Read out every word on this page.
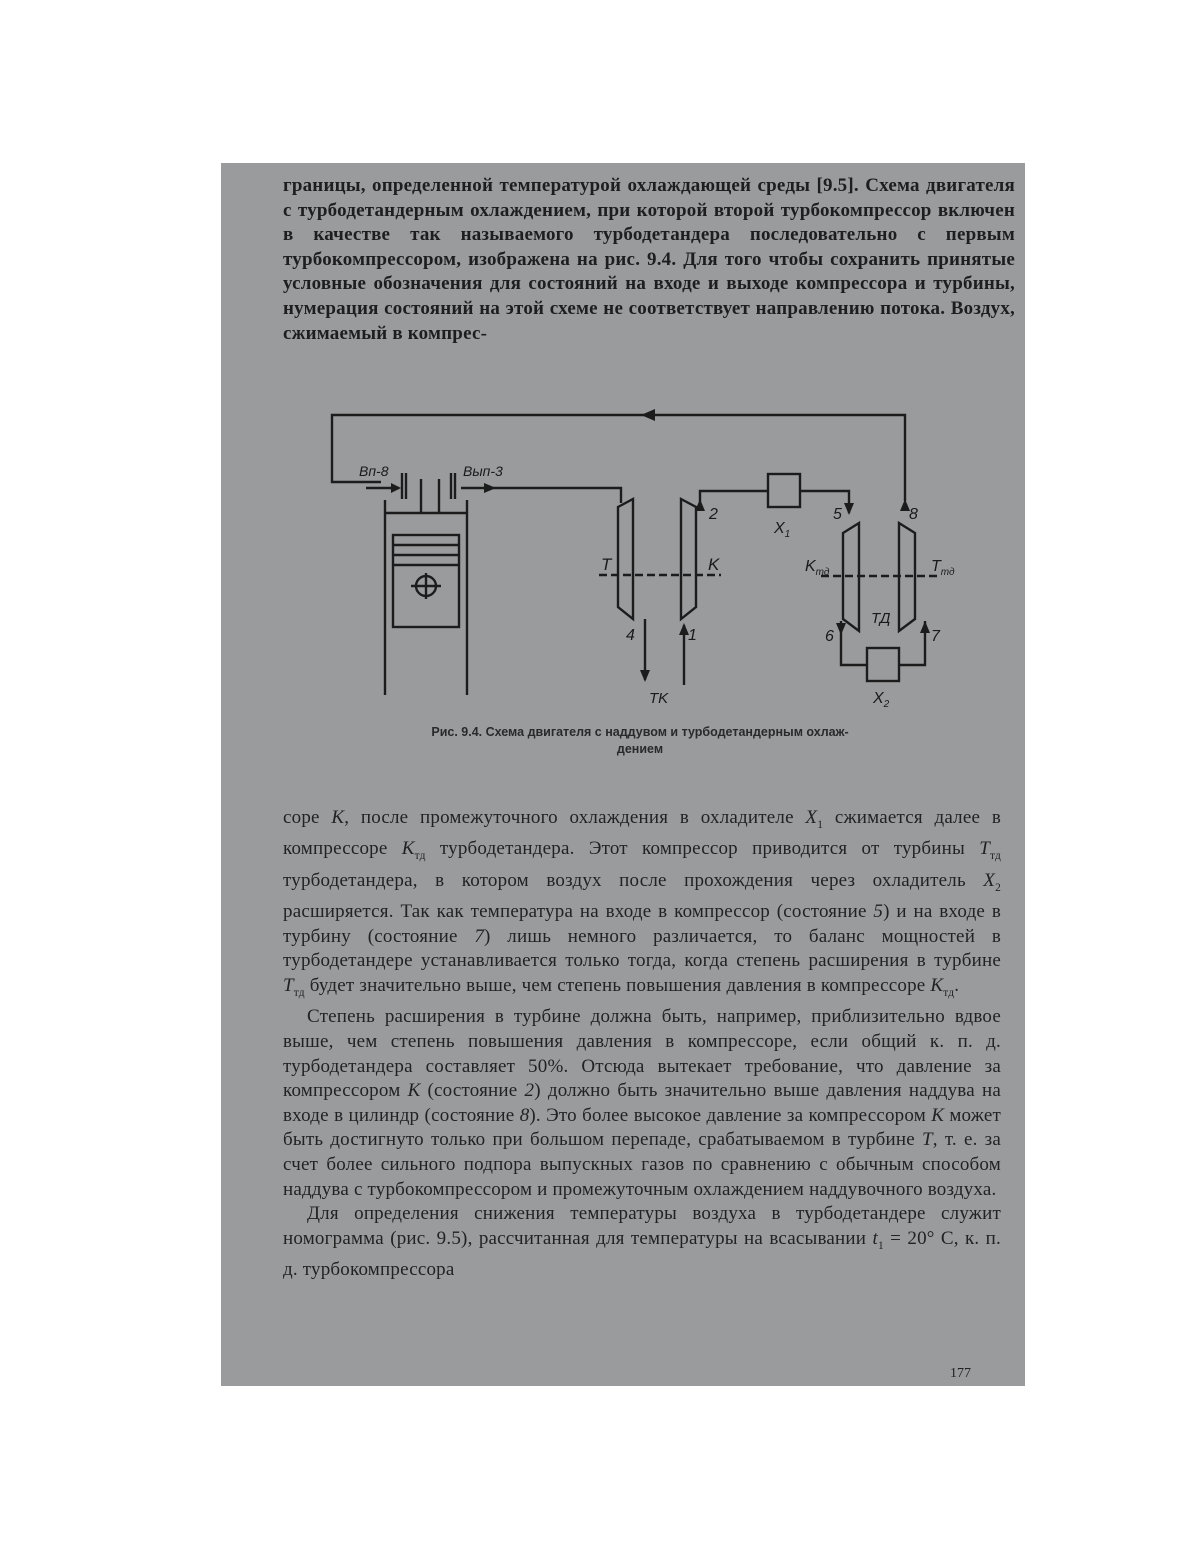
границы, определенной температурой охлаждающей среды [9.5]. Схема двигателя с турбодетандерным охлаждением, при которой второй турбокомпрессор включен в качестве так называемого турбодетандера последовательно с первым турбокомпрессором, изображена на рис. 9.4. Для того чтобы сохранить принятые условные обозначения для состояний на входе и выходе компрессора и турбины, нумерация состояний на этой схеме не соответствует направлению потока. Воздух, сжимаемый в компрес-
Вп-8	Вып-3
T	K
TK
4	1
2
$X_1$
5	8
$K_{тд}$	$T_{тд}$
ТД
6	7
$X_2$
Рис. 9.4. Схема двигателя с наддувом и турбодетандерным охлаж-
дением
соре К, после промежуточного охлаждения в охладителе $X_1$ сжимается далее в компрессоре $K_{тд}$ турбодетандера. Этот компрессор приводится от турбины $T_{тд}$ турбодетандера, в котором воздух после прохождения через охладитель $X_2$ расширяется. Так как температура на входе в компрессор (состояние 5) и на входе в турбину (состояние 7) лишь немного различается, то баланс мощностей в турбодетандере устанавливается только тогда, когда степень расширения в турбине $T_{тд}$ будет значительно выше, чем степень повышения давления в компрессоре $K_{тд}$.
Степень расширения в турбине должна быть, например, приблизительно вдвое выше, чем степень повышения давления в компрессоре, если общий к. п. д. турбодетандера составляет 50%. Отсюда вытекает требование, что давление за компрессором К (состояние 2) должно быть значительно выше давления наддува на входе в цилиндр (состояние 8). Это более высокое давление за компрессором К может быть достигнуто только при большом перепаде, срабатываемом в турбине T, т. е. за счет более сильного подпора выпускных газов по сравнению с обычным способом наддува с турбокомпрессором и промежуточным охлаждением наддувочного воздуха.
Для определения снижения температуры воздуха в турбодетандере служит номограмма (рис. 9.5), рассчитанная для температуры на всасывании $t_1 = 20^\circ$ С, к. п. д. турбокомпрессора
177
